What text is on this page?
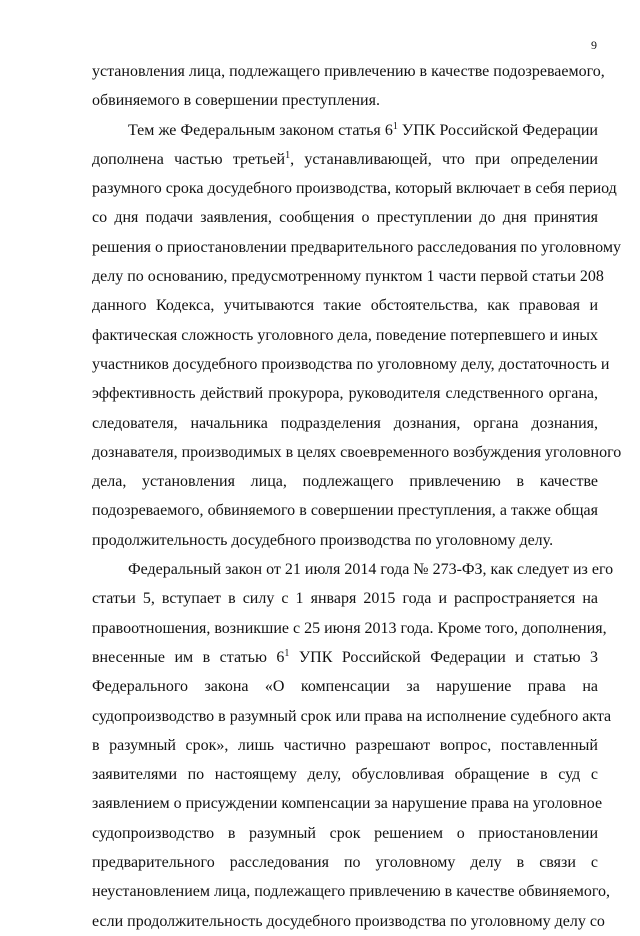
9
установления лица, подлежащего привлечению в качестве подозреваемого,
обвиняемого в совершении преступления.
Тем же Федеральным законом статья $6^1$ УПК Российской Федерации
дополнена частью третьей$^1$, устанавливающей, что при определении
разумного срока досудебного производства, который включает в себя период
со дня подачи заявления, сообщения о преступлении до дня принятия
решения о приостановлении предварительного расследования по уголовному
делу по основанию, предусмотренному пунктом 1 части первой статьи 208
данного Кодекса, учитываются такие обстоятельства, как правовая и
фактическая сложность уголовного дела, поведение потерпевшего и иных
участников досудебного производства по уголовному делу, достаточность и
эффективность действий прокурора, руководителя следственного органа,
следователя, начальника подразделения дознания, органа дознания,
дознавателя, производимых в целях своевременного возбуждения уголовного
дела, установления лица, подлежащего привлечению в качестве
подозреваемого, обвиняемого в совершении преступления, а также общая
продолжительность досудебного производства по уголовному делу.
Федеральный закон от 21 июля 2014 года № 273-ФЗ, как следует из его
статьи 5, вступает в силу с 1 января 2015 года и распространяется на
правоотношения, возникшие с 25 июня 2013 года. Кроме того, дополнения,
внесенные им в статью $6^1$ УПК Российской Федерации и статью 3
Федерального закона «О компенсации за нарушение права на
судопроизводство в разумный срок или права на исполнение судебного акта
в разумный срок», лишь частично разрешают вопрос, поставленный
заявителями по настоящему делу, обусловливая обращение в суд с
заявлением о присуждении компенсации за нарушение права на уголовное
судопроизводство в разумный срок решением о приостановлении
предварительного расследования по уголовному делу в связи с
неустановлением лица, подлежащего привлечению в качестве обвиняемого,
если продолжительность досудебного производства по уголовному делу со
